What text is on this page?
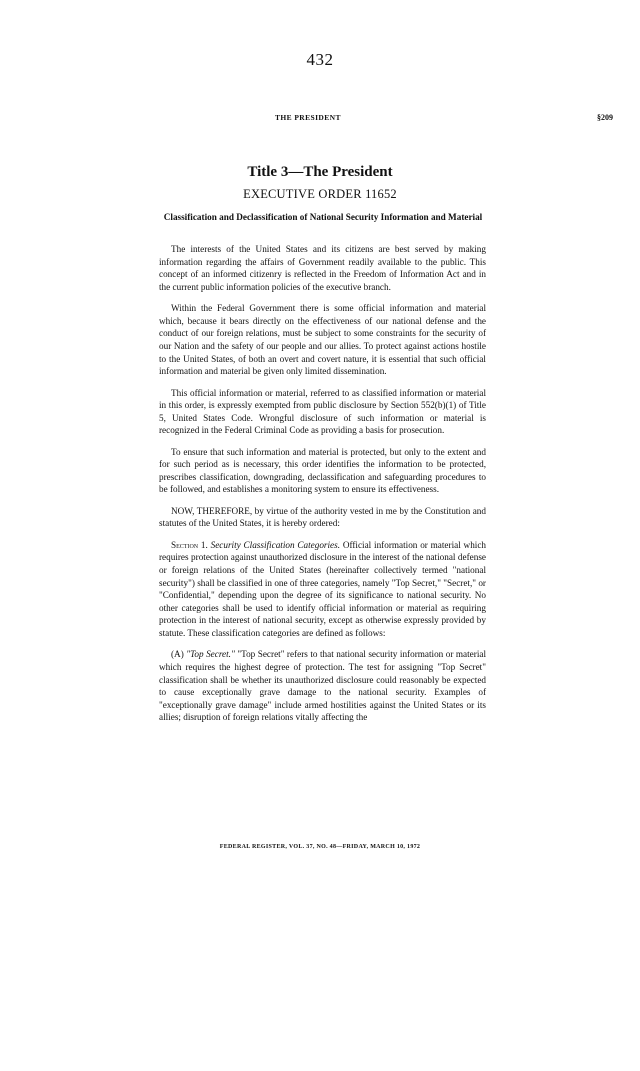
432
THE PRESIDENT	§209
Title 3—The President
EXECUTIVE ORDER 11652
Classification and Declassification of National Security Information and Material

The interests of the United States and its citizens are best served by making information regarding the affairs of Government readily available to the public. This concept of an informed citizenry is reflected in the Freedom of Information Act and in the current public information policies of the executive branch.

Within the Federal Government there is some official information and material which, because it bears directly on the effectiveness of our national defense and the conduct of our foreign relations, must be subject to some constraints for the security of our Nation and the safety of our people and our allies. To protect against actions hostile to the United States, of both an overt and covert nature, it is essential that such official information and material be given only limited dissemination.

This official information or material, referred to as classified information or material in this order, is expressly exempted from public disclosure by Section 552(b)(1) of Title 5, United States Code. Wrongful disclosure of such information or material is recognized in the Federal Criminal Code as providing a basis for prosecution.

To ensure that such information and material is protected, but only to the extent and for such period as is necessary, this order identifies the information to be protected, prescribes classification, downgrading, declassification and safeguarding procedures to be followed, and establishes a monitoring system to ensure its effectiveness.

NOW, THEREFORE, by virtue of the authority vested in me by the Constitution and statutes of the United States, it is hereby ordered:

Section 1. Security Classification Categories. Official information or material which requires protection against unauthorized disclosure in the interest of the national defense or foreign relations of the United States (hereinafter collectively termed "national security") shall be classified in one of three categories, namely "Top Secret," "Secret," or "Confidential," depending upon the degree of its significance to national security. No other categories shall be used to identify official information or material as requiring protection in the interest of national security, except as otherwise expressly provided by statute. These classification categories are defined as follows:

(A) "Top Secret." "Top Secret" refers to that national security information or material which requires the highest degree of protection. The test for assigning "Top Secret" classification shall be whether its unauthorized disclosure could reasonably be expected to cause exceptionally grave damage to the national security. Examples of "exceptionally grave damage" include armed hostilities against the United States or its allies; disruption of foreign relations vitally affecting the

FEDERAL REGISTER, VOL. 37, NO. 48—FRIDAY, MARCH 10, 1972
